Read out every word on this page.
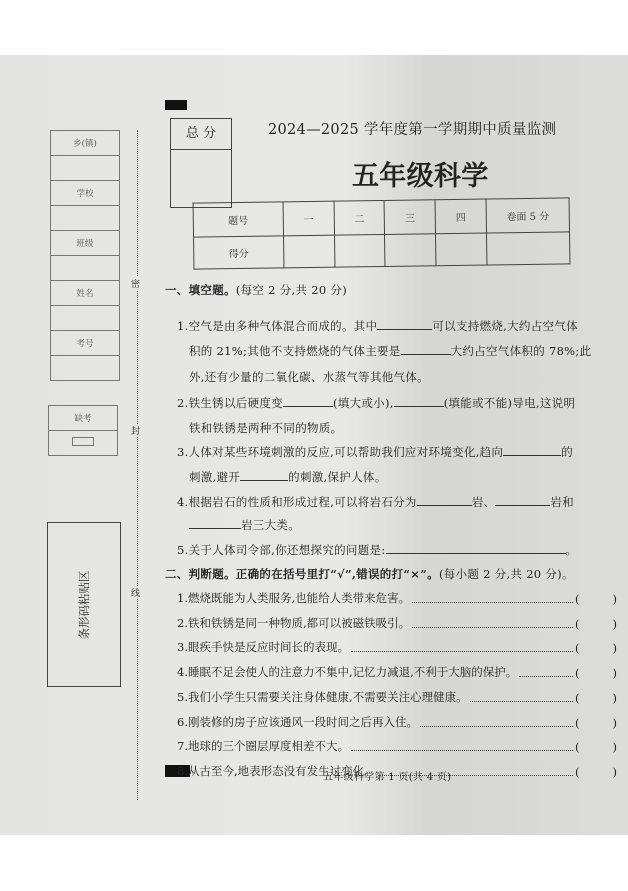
总 分	2024—2025 学年度第一学期期中质量监测
五年级科学
题号	一	二	三	四	卷面 5 分
得分					
乡(镇)

学校

班级

姓名

考号

缺考

条形码粘贴区
密
封
线
一、填空题。(每空 2 分,共 20 分)
1.空气是由多种气体混合而成的。其中	可以支持燃烧,大约占空气体
积的 21%;其他不支持燃烧的气体主要是	大约占空气体积的 78%;此
外,还有少量的二氧化碳、水蒸气等其他气体。
2.铁生锈以后硬度变	(填大或小),	(填能或不能)导电,这说明
铁和铁锈是两种不同的物质。
3.人体对某些环境刺激的反应,可以帮助我们应对环境变化,趋向	的
刺激,避开	的刺激,保护人体。
4.根据岩石的性质和形成过程,可以将岩石分为	岩、	岩和
岩三大类。
5.关于人体司令部,你还想探究的问题是:	。
二、判断题。正确的在括号里打“√”,错误的打“×”。(每小题 2 分,共 20 分)。
1.燃烧既能为人类服务,也能给人类带来危害。	(	)
2.铁和铁锈是同一种物质,都可以被磁铁吸引。	(	)
3.眼疾手快是反应时间长的表现。	(	)
4.睡眠不足会使人的注意力不集中,记忆力减退,不利于大脑的保护。	(	)
5.我们小学生只需要关注身体健康,不需要关注心理健康。	(	)
6.刚装修的房子应该通风一段时间之后再入住。	(	)
7.地球的三个圈层厚度相差不大。	(	)
8.从古至今,地表形态没有发生过变化。	(	)
五年级科学第 1 页(共 4 页)
